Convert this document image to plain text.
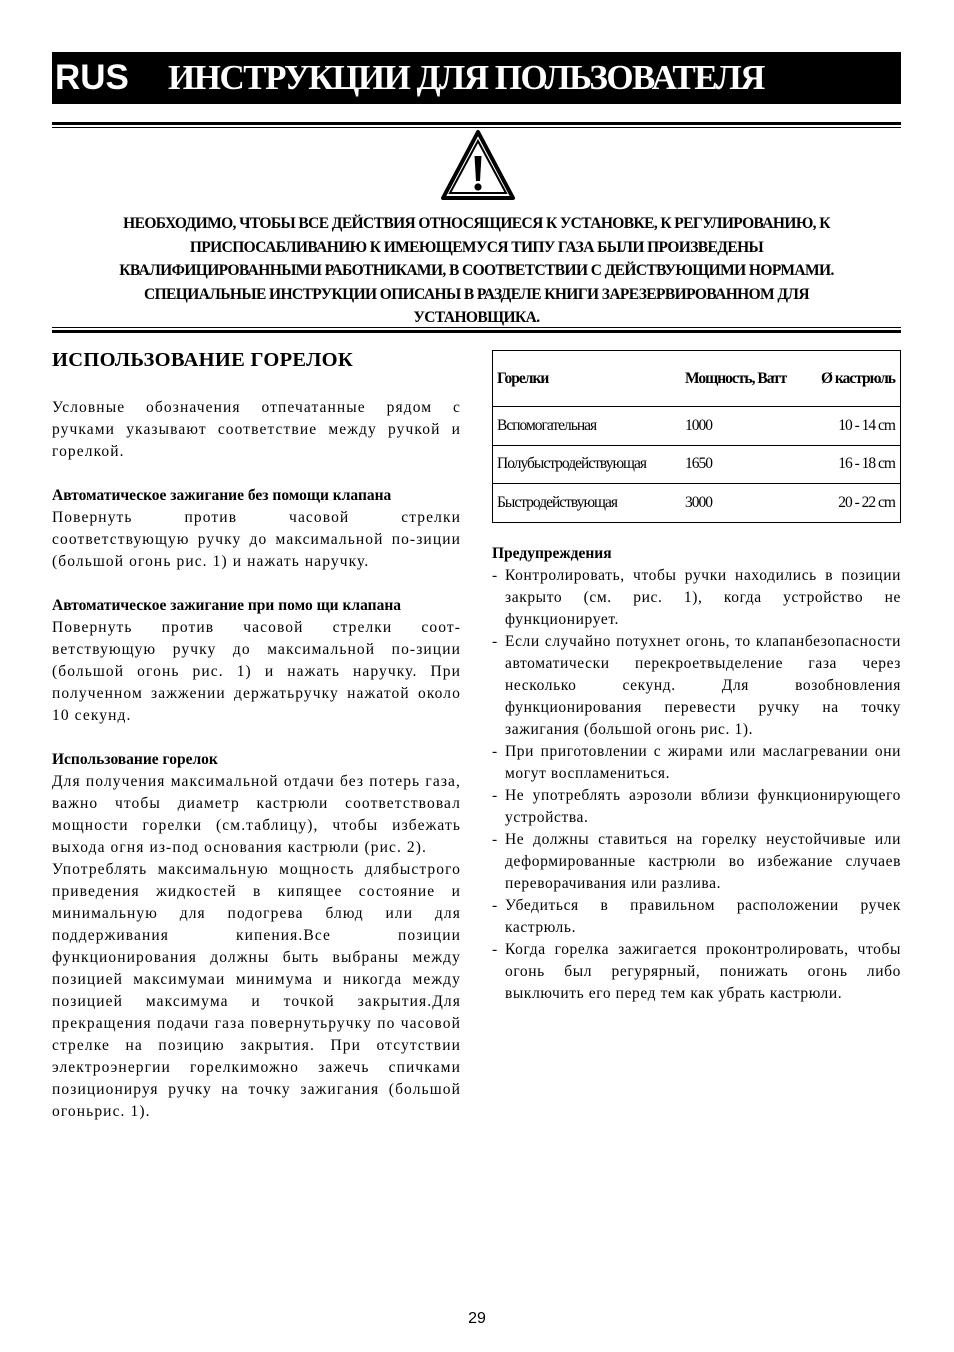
RUS ИНСТРУКЦИИ ДЛЯ ПОЛЬЗОВАТЕЛЯ
НЕОБХОДИМО, ЧТОБЫ ВСЕ ДЕЙСТВИЯ ОТНОСЯЩИЕСЯ К УСТАНОВКЕ, К РЕГУЛИРОВАНИЮ, К
ПРИСПОСАБЛИВАНИЮ К ИМЕЮЩЕМУСЯ ТИПУ ГАЗА БЫЛИ ПРОИЗВЕДЕНЫ
КВАЛИФИЦИРОВАННЫМИ РАБОТНИКАМИ, В СООТВЕТСТВИИ С ДЕЙСТВУЮЩИМИ НОРМАМИ.
СПЕЦИАЛЬНЫЕ ИНСТРУКЦИИ ОПИСАНЫ В РАЗДЕЛЕ КНИГИ ЗАРЕЗЕРВИРОВАННОМ ДЛЯ
УСТАНОВЩИКА.
ИСПОЛЬЗОВАНИЕ ГОРЕЛОК

Условные обозначения отпечатанные рядом с ручками указывают соответствие между ручкой и горелкой.

Автоматическое зажигание без помощи клапана

Повернуть против часовой стрелки соответствующую ручку до максимальной по-зиции (большой огонь рис. 1) и нажать наручку.

Автоматическое зажигание при помо щи клапана

Повернуть против часовой стрелки соот-ветствующую ручку до максимальной по-зиции (большой огонь рис. 1) и нажать наручку. При полученном зажжении держатьручку нажатой около 10 секунд.

Использование горелок

Для получения максимальной отдачи без потерь газа, важно чтобы диаметр кастрюли соответствовал мощности горелки (см.таблицу), чтобы избежать выхода огня из-под основания кастрюли (рис. 2).

Употреблять максимальную мощность длябыстрого приведения жидкостей в кипящее состояние и минимальную для подогрева блюд или для поддерживания кипения.Все позиции функционирования должны быть выбраны между позицией максимумаи минимума и никогда между позицией максимума и точкой закрытия.Для прекращения подачи газа повернутьручку по часовой стрелке на позицию закрытия. При отсутствии электроэнергии горелкиможно зажечь спичками позиционируя ручку на точку зажигания (большой огоньрис. 1).

Горелки	Мощность, Ватт	Ø кастрюль
Вспомогательная	1000	10 - 14 cm
Полубыстродействующая	1650	16 - 18 cm
Быстродействующая	3000	20 - 22 cm
Предупреждения
- Контролировать, чтобы ручки находились в позиции закрыто (см. рис. 1), когда устройство не функционирует.
- Если случайно потухнет огонь, то клапанбезопасности автоматически перекроетвыделение газа через несколько секунд. Для возобновления функционирования перевести ручку на точку зажигания (большой огонь рис. 1).
- При приготовлении с жирами или маслагревании они могут воспламениться.
- Не употреблять аэрозоли вблизи функционирующего устройства.
- Не должны ставиться на горелку неустойчивые или деформированные кастрюли во избежание случаев переворачивания или разлива.
- Убедиться в правильном расположении ручек кастрюль.
- Когда горелка зажигается проконтролировать, чтобы огонь был регурярный, понижать огонь либо выключить его перед тем как убрать кастрюли.
29
